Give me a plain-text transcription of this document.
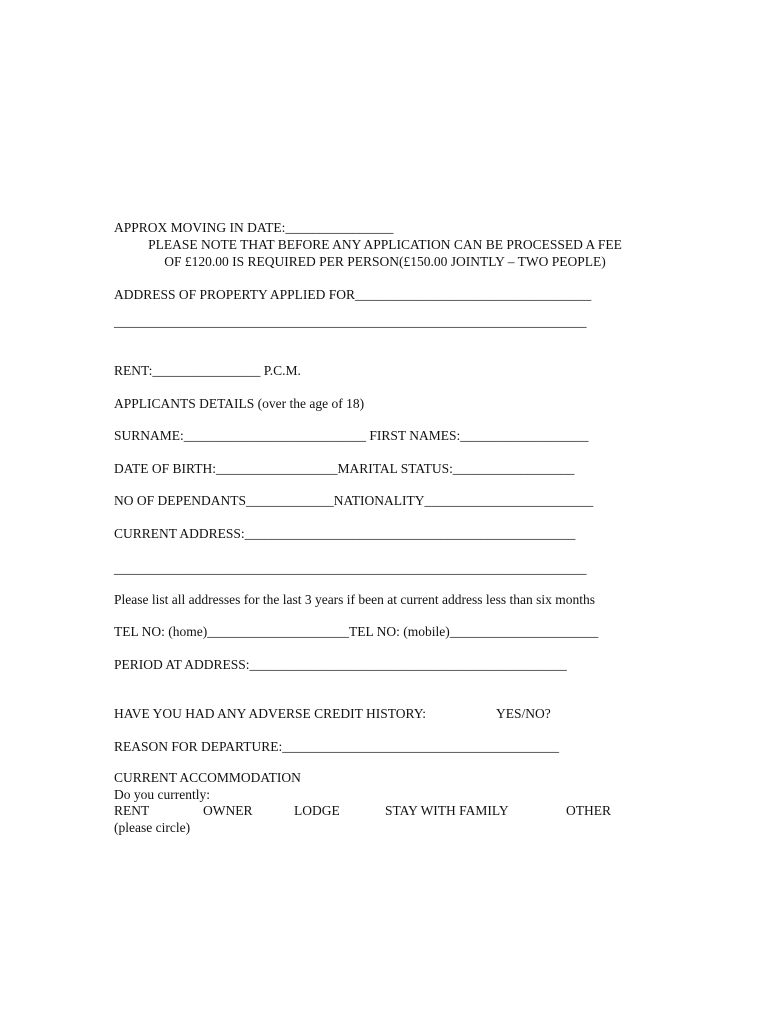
APPROX MOVING IN DATE:________________
PLEASE NOTE THAT BEFORE ANY APPLICATION CAN BE PROCESSED A FEE
OF £120.00 IS REQUIRED PER PERSON(£150.00 JOINTLY – TWO PEOPLE)
ADDRESS OF PROPERTY APPLIED FOR___________________________________
______________________________________________________________________
RENT:________________ P.C.M.
APPLICANTS DETAILS (over the age of 18)
SURNAME:___________________________ FIRST NAMES:___________________
DATE OF BIRTH:__________________MARITAL STATUS:__________________
NO OF DEPENDANTS_____________NATIONALITY_________________________
CURRENT ADDRESS:_________________________________________________
______________________________________________________________________
Please list all addresses for the last 3 years if been at current address less than six months
TEL NO: (home)_____________________TEL NO: (mobile)______________________
PERIOD AT ADDRESS:_______________________________________________
HAVE YOU HAD ANY ADVERSE CREDIT HISTORY:	YES/NO?
REASON FOR DEPARTURE:_________________________________________
CURRENT ACCOMMODATION
Do you currently:
RENT	OWNER	LODGE	STAY WITH FAMILY	OTHER
(please circle)
